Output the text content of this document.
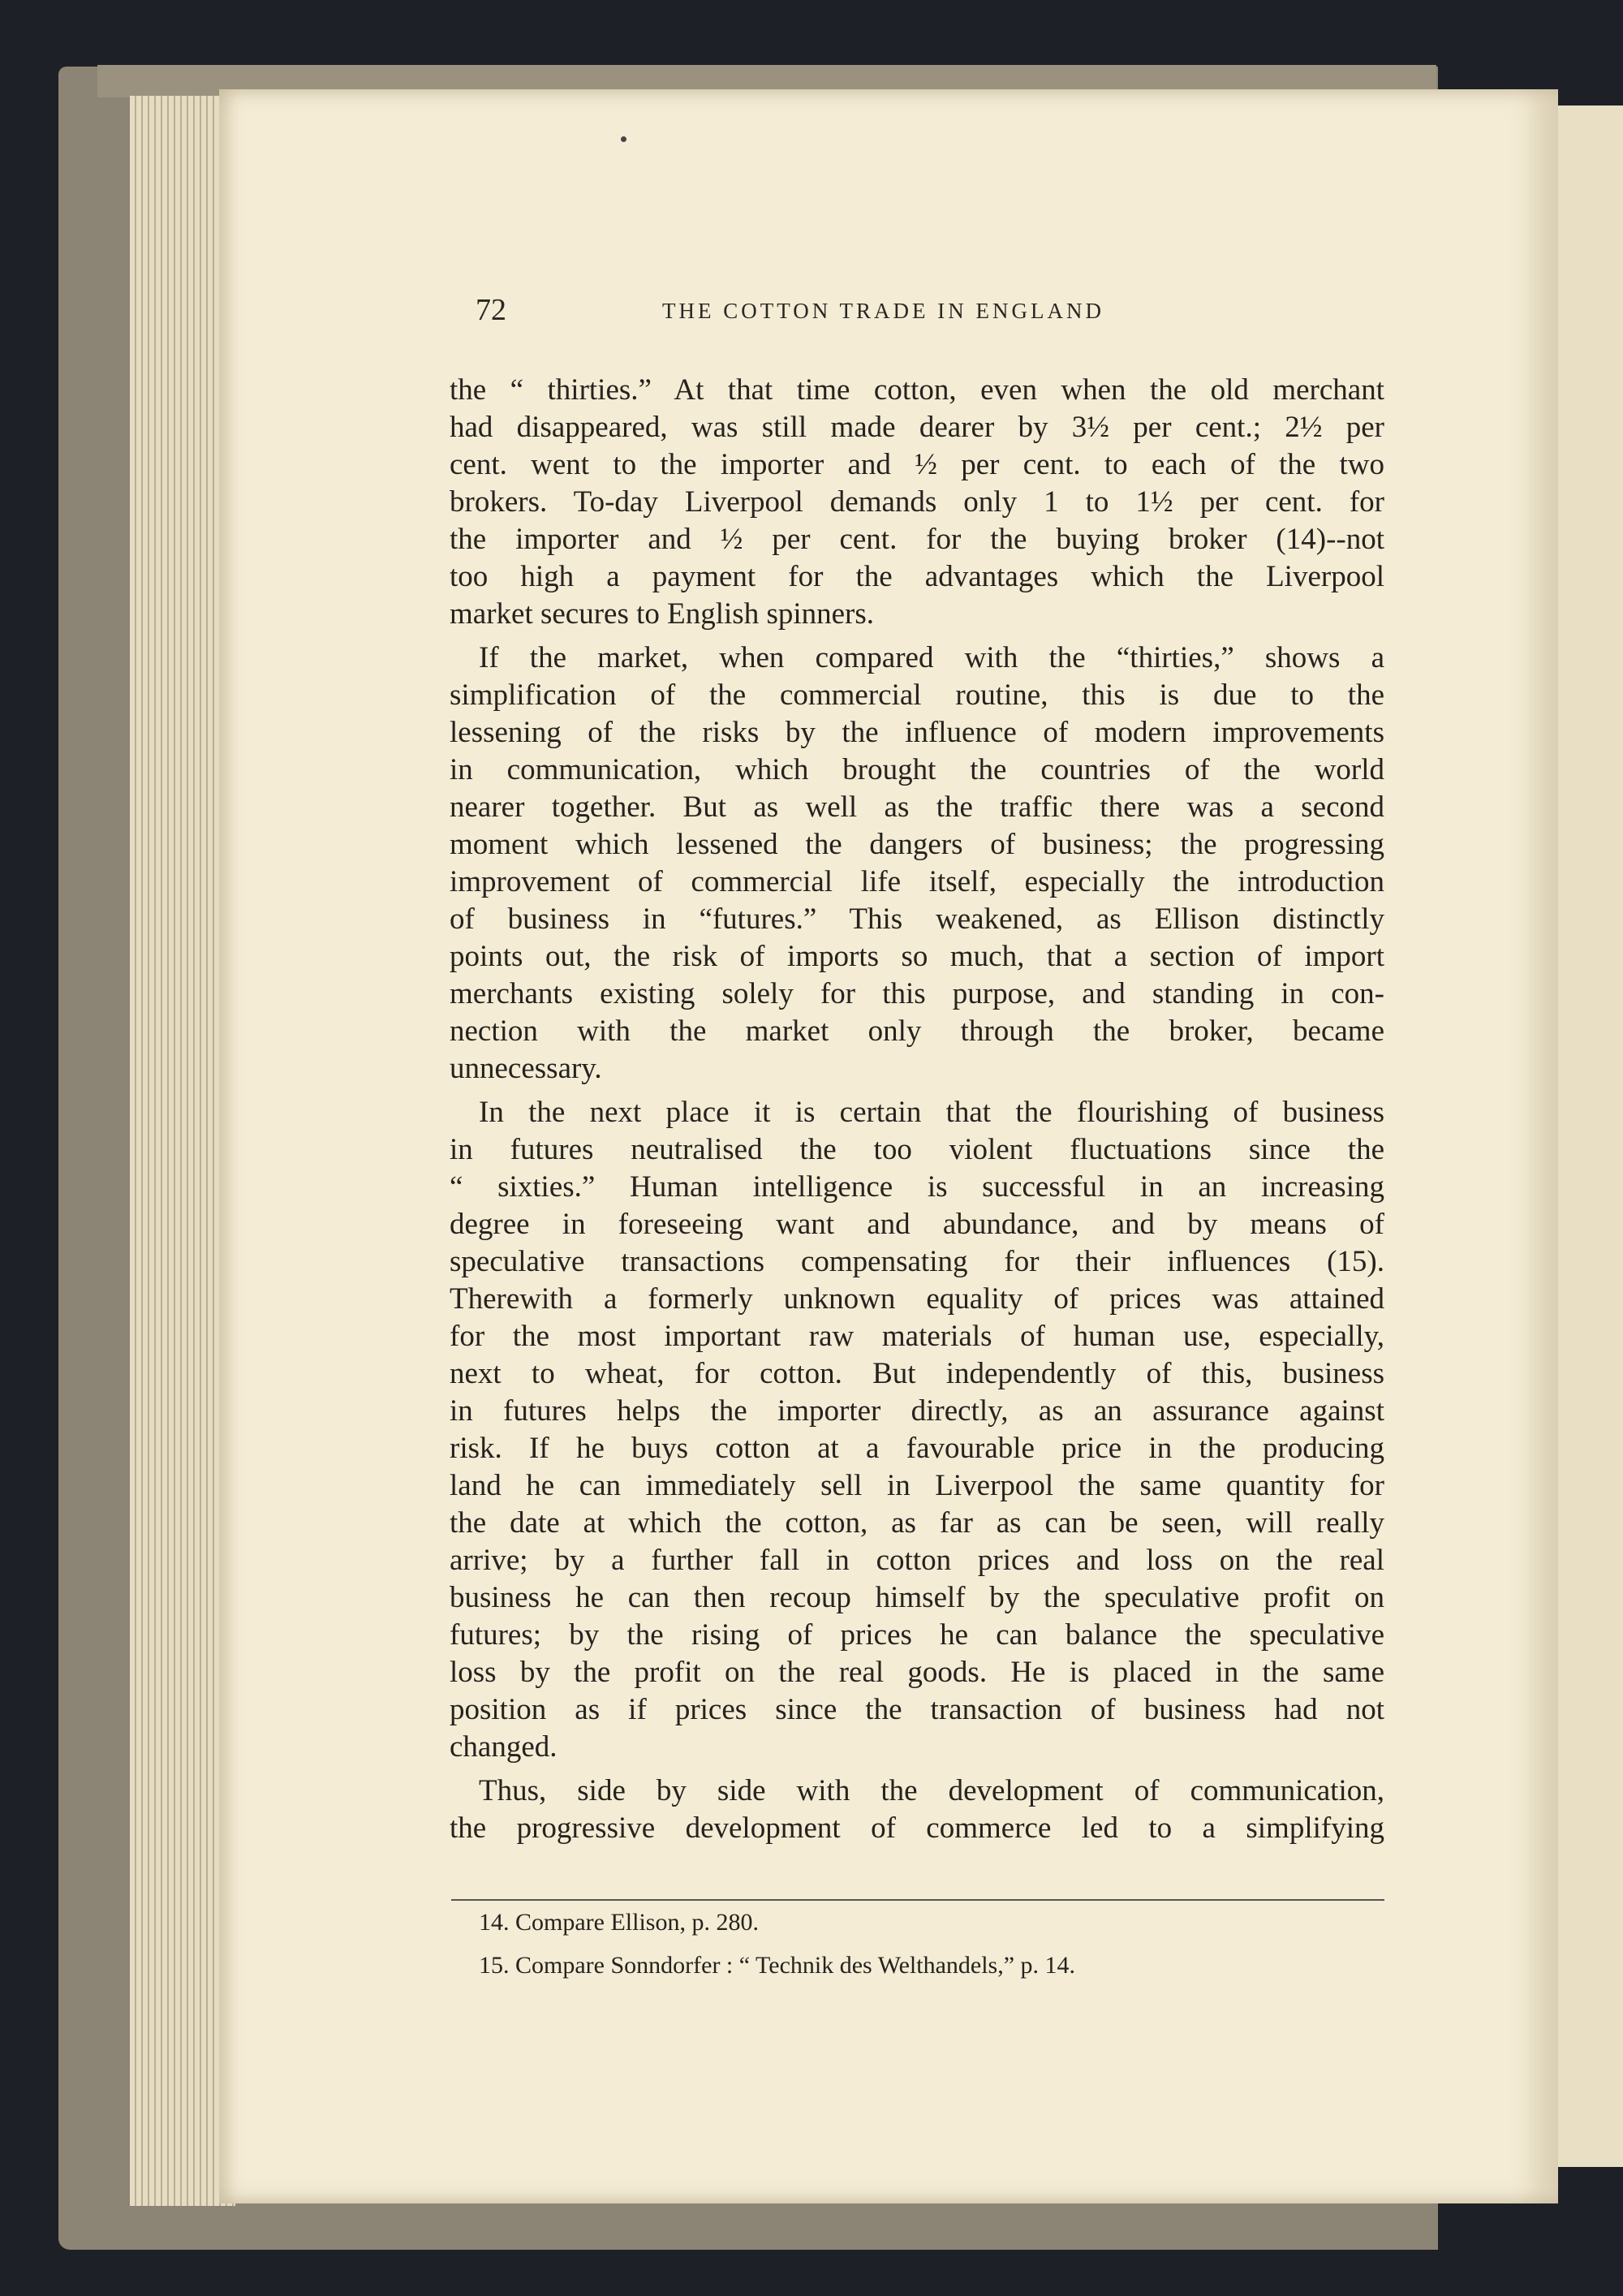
72	THE COTTON TRADE IN ENGLAND
the “ thirties.” At that time cotton, even when the old merchant
had disappeared, was still made dearer by 3½ per cent.; 2½ per
cent. went to the importer and ½ per cent. to each of the two
brokers. To-day Liverpool demands only 1 to 1½ per cent. for
the importer and ½ per cent. for the buying broker (14)--not
too high a payment for the advantages which the Liverpool
market secures to English spinners.
If the market, when compared with the “thirties,” shows a
simplification of the commercial routine, this is due to the
lessening of the risks by the influence of modern improvements
in communication, which brought the countries of the world
nearer together. But as well as the traffic there was a second
moment which lessened the dangers of business; the progressing
improvement of commercial life itself, especially the introduction
of business in “futures.” This weakened, as Ellison distinctly
points out, the risk of imports so much, that a section of import
merchants existing solely for this purpose, and standing in con-
nection with the market only through the broker, became
unnecessary.
In the next place it is certain that the flourishing of business
in futures neutralised the too violent fluctuations since the
“ sixties.” Human intelligence is successful in an increasing
degree in foreseeing want and abundance, and by means of
speculative transactions compensating for their influences (15).
Therewith a formerly unknown equality of prices was attained
for the most important raw materials of human use, especially,
next to wheat, for cotton. But independently of this, business
in futures helps the importer directly, as an assurance against
risk. If he buys cotton at a favourable price in the producing
land he can immediately sell in Liverpool the same quantity for
the date at which the cotton, as far as can be seen, will really
arrive; by a further fall in cotton prices and loss on the real
business he can then recoup himself by the speculative profit on
futures; by the rising of prices he can balance the speculative
loss by the profit on the real goods. He is placed in the same
position as if prices since the transaction of business had not
changed.
Thus, side by side with the development of communication,
the progressive development of commerce led to a simplifying
14. Compare Ellison, p. 280.
15. Compare Sonndorfer : “ Technik des Welthandels,” p. 14.
